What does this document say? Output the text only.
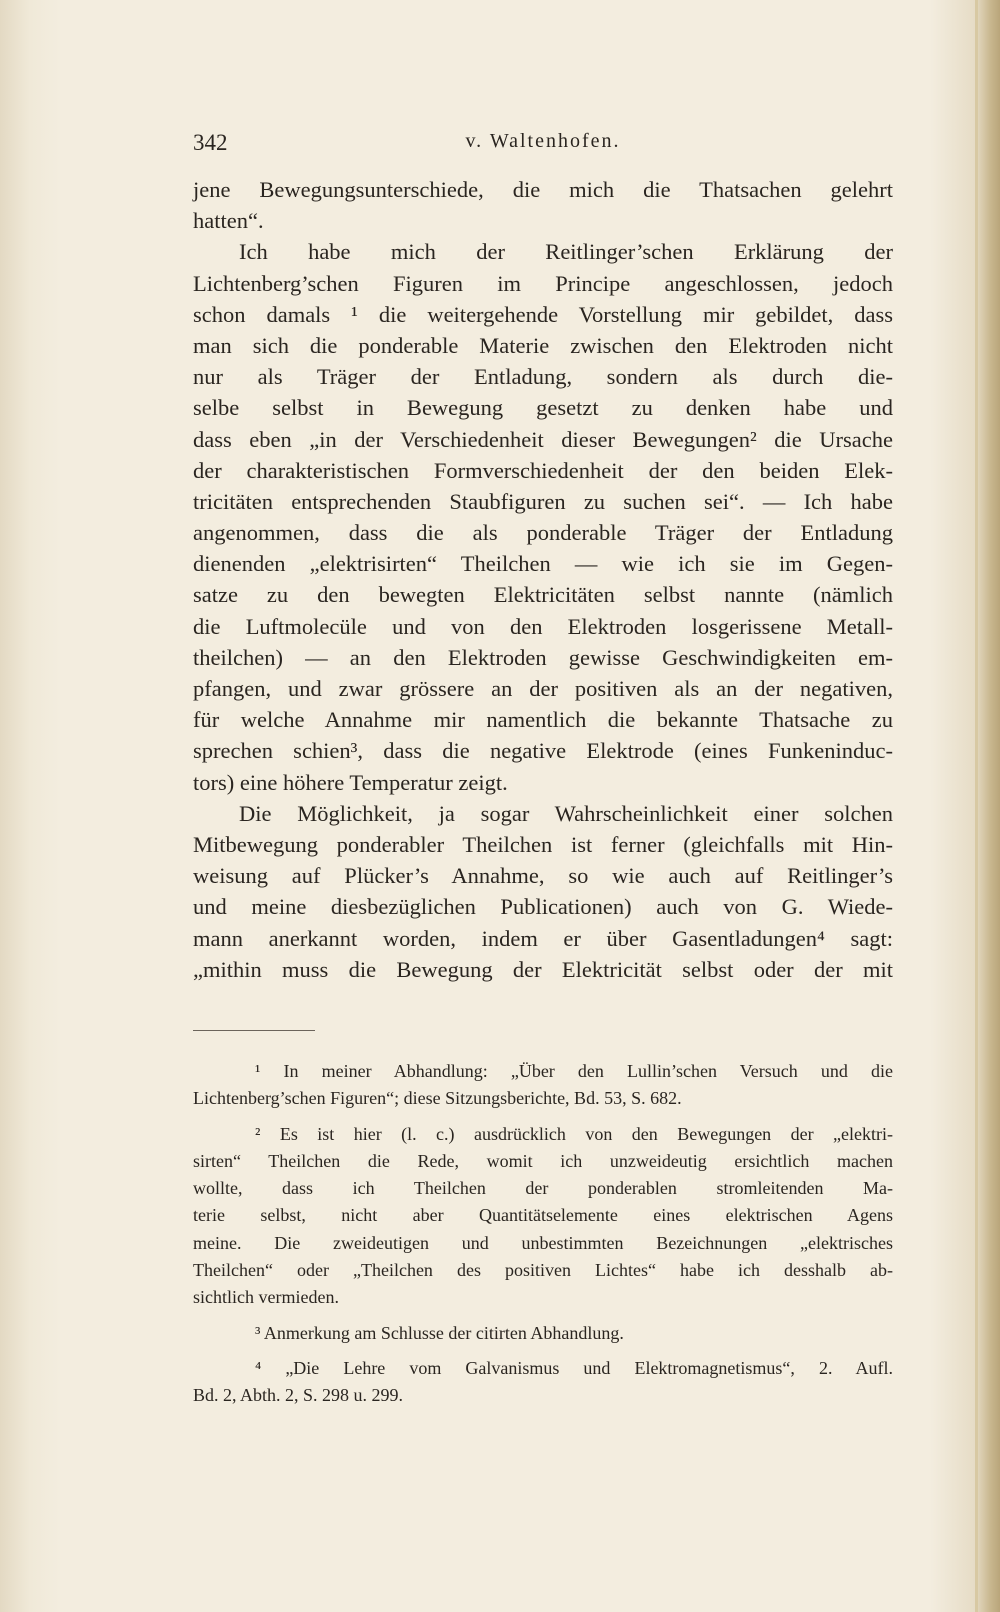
342	v. Waltenhofen.
jene Bewegungsunterschiede, die mich die Thatsachen gelehrt
hatten“.
Ich habe mich der Reitlinger’schen Erklärung der
Lichtenberg’schen Figuren im Principe angeschlossen, jedoch
schon damals ¹ die weitergehende Vorstellung mir gebildet, dass
man sich die ponderable Materie zwischen den Elektroden nicht
nur als Träger der Entladung, sondern als durch die-
selbe selbst in Bewegung gesetzt zu denken habe und
dass eben „in der Verschiedenheit dieser Bewegungen² die Ursache
der charakteristischen Formverschiedenheit der den beiden Elek-
tricitäten entsprechenden Staubfiguren zu suchen sei“. — Ich habe
angenommen, dass die als ponderable Träger der Entladung
dienenden „elektrisirten“ Theilchen — wie ich sie im Gegen-
satze zu den bewegten Elektricitäten selbst nannte (nämlich
die Luftmolecüle und von den Elektroden losgerissene Metall-
theilchen) — an den Elektroden gewisse Geschwindigkeiten em-
pfangen, und zwar grössere an der positiven als an der negativen,
für welche Annahme mir namentlich die bekannte Thatsache zu
sprechen schien³, dass die negative Elektrode (eines Funkeninduc-
tors) eine höhere Temperatur zeigt.
Die Möglichkeit, ja sogar Wahrscheinlichkeit einer solchen
Mitbewegung ponderabler Theilchen ist ferner (gleichfalls mit Hin-
weisung auf Plücker’s Annahme, so wie auch auf Reitlinger’s
und meine diesbezüglichen Publicationen) auch von G. Wiede-
mann anerkannt worden, indem er über Gasentladungen⁴ sagt:
„mithin muss die Bewegung der Elektricität selbst oder der mit
¹ In meiner Abhandlung: „Über den Lullin’schen Versuch und die
Lichtenberg’schen Figuren“; diese Sitzungsberichte, Bd. 53, S. 682.
² Es ist hier (l. c.) ausdrücklich von den Bewegungen der „elektri-
sirten“ Theilchen die Rede, womit ich unzweideutig ersichtlich machen
wollte, dass ich Theilchen der ponderablen stromleitenden Ma-
terie selbst, nicht aber Quantitätselemente eines elektrischen Agens
meine. Die zweideutigen und unbestimmten Bezeichnungen „elektrisches
Theilchen“ oder „Theilchen des positiven Lichtes“ habe ich desshalb ab-
sichtlich vermieden.
³ Anmerkung am Schlusse der citirten Abhandlung.
⁴ „Die Lehre vom Galvanismus und Elektromagnetismus“, 2. Aufl.
Bd. 2, Abth. 2, S. 298 u. 299.
